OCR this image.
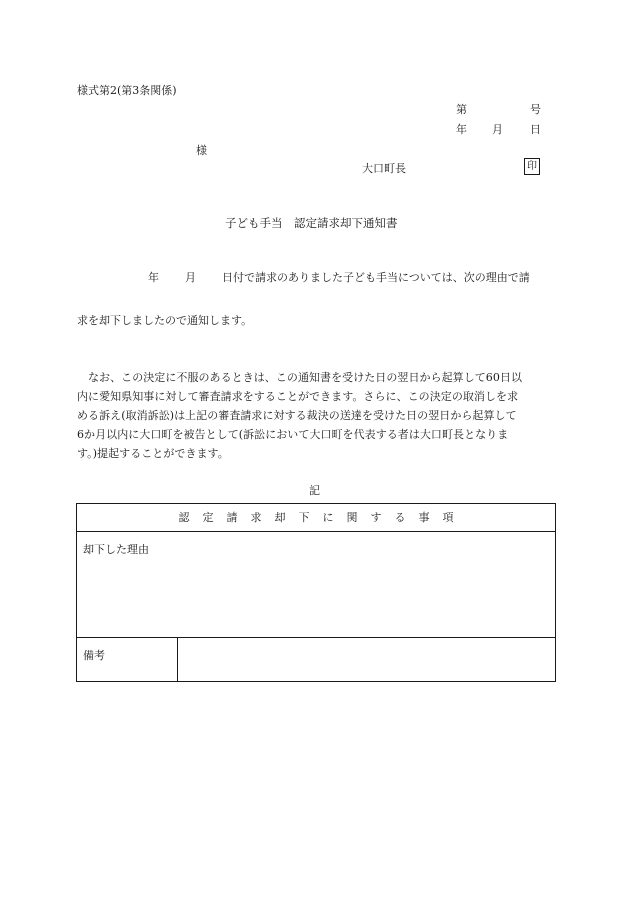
様式第2(第3条関係)
第	号
年 月 日
様
大口町長	印
子ども手当　認定請求却下通知書
年 月 日付で請求のありました子ども手当については、次の理由で請
求を却下しましたので通知します。
なお、この決定に不服のあるときは、この通知書を受けた日の翌日から起算して60日以
内に愛知県知事に対して審査請求をすることができます。さらに、この決定の取消しを求
める訴え(取消訴訟)は上記の審査請求に対する裁決の送達を受けた日の翌日から起算して
6か月以内に大口町を被告として(訴訟において大口町を代表する者は大口町長となりま
す。)提起することができます。
記
認定請求却下に関する事項
却下した理由
備考	
